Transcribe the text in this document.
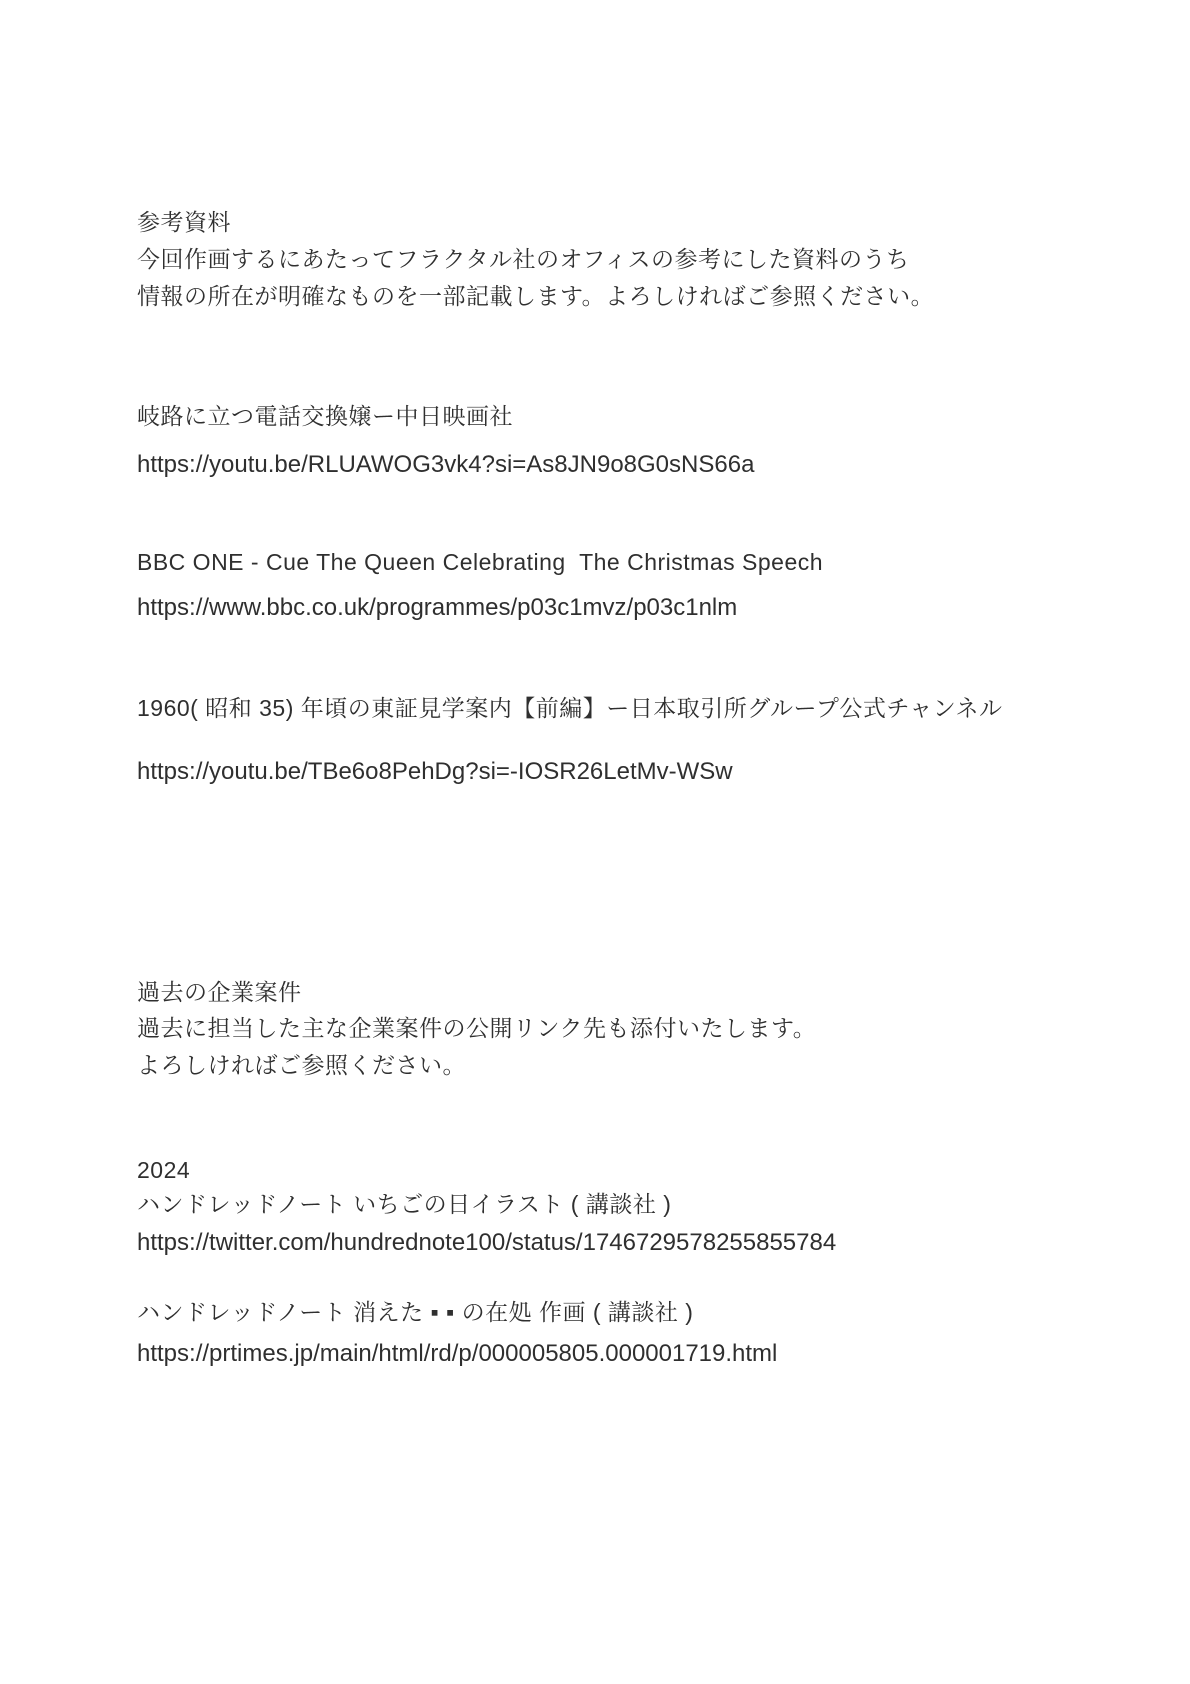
参考資料
今回作画するにあたってフラクタル社のオフィスの参考にした資料のうち
情報の所在が明確なものを一部記載します。よろしければご参照ください。
岐路に立つ電話交換嬢ー中日映画社
https://youtu.be/RLUAWOG3vk4?si=As8JN9o8G0sNS66a
BBC ONE - Cue The Queen Celebrating  The Christmas Speech
https://www.bbc.co.uk/programmes/p03c1mvz/p03c1nlm
1960( 昭和 35) 年頃の東証見学案内【前編】ー日本取引所グループ公式チャンネル
https://youtu.be/TBe6o8PehDg?si=-IOSR26LetMv-WSw
過去の企業案件
過去に担当した主な企業案件の公開リンク先も添付いたします。
よろしければご参照ください。
2024
ハンドレッドノート いちごの日イラスト ( 講談社 )
https://twitter.com/hundrednote100/status/1746729578255855784
ハンドレッドノート 消えた ▪ ▪ の在処 作画 ( 講談社 )
https://prtimes.jp/main/html/rd/p/000005805.000001719.html
